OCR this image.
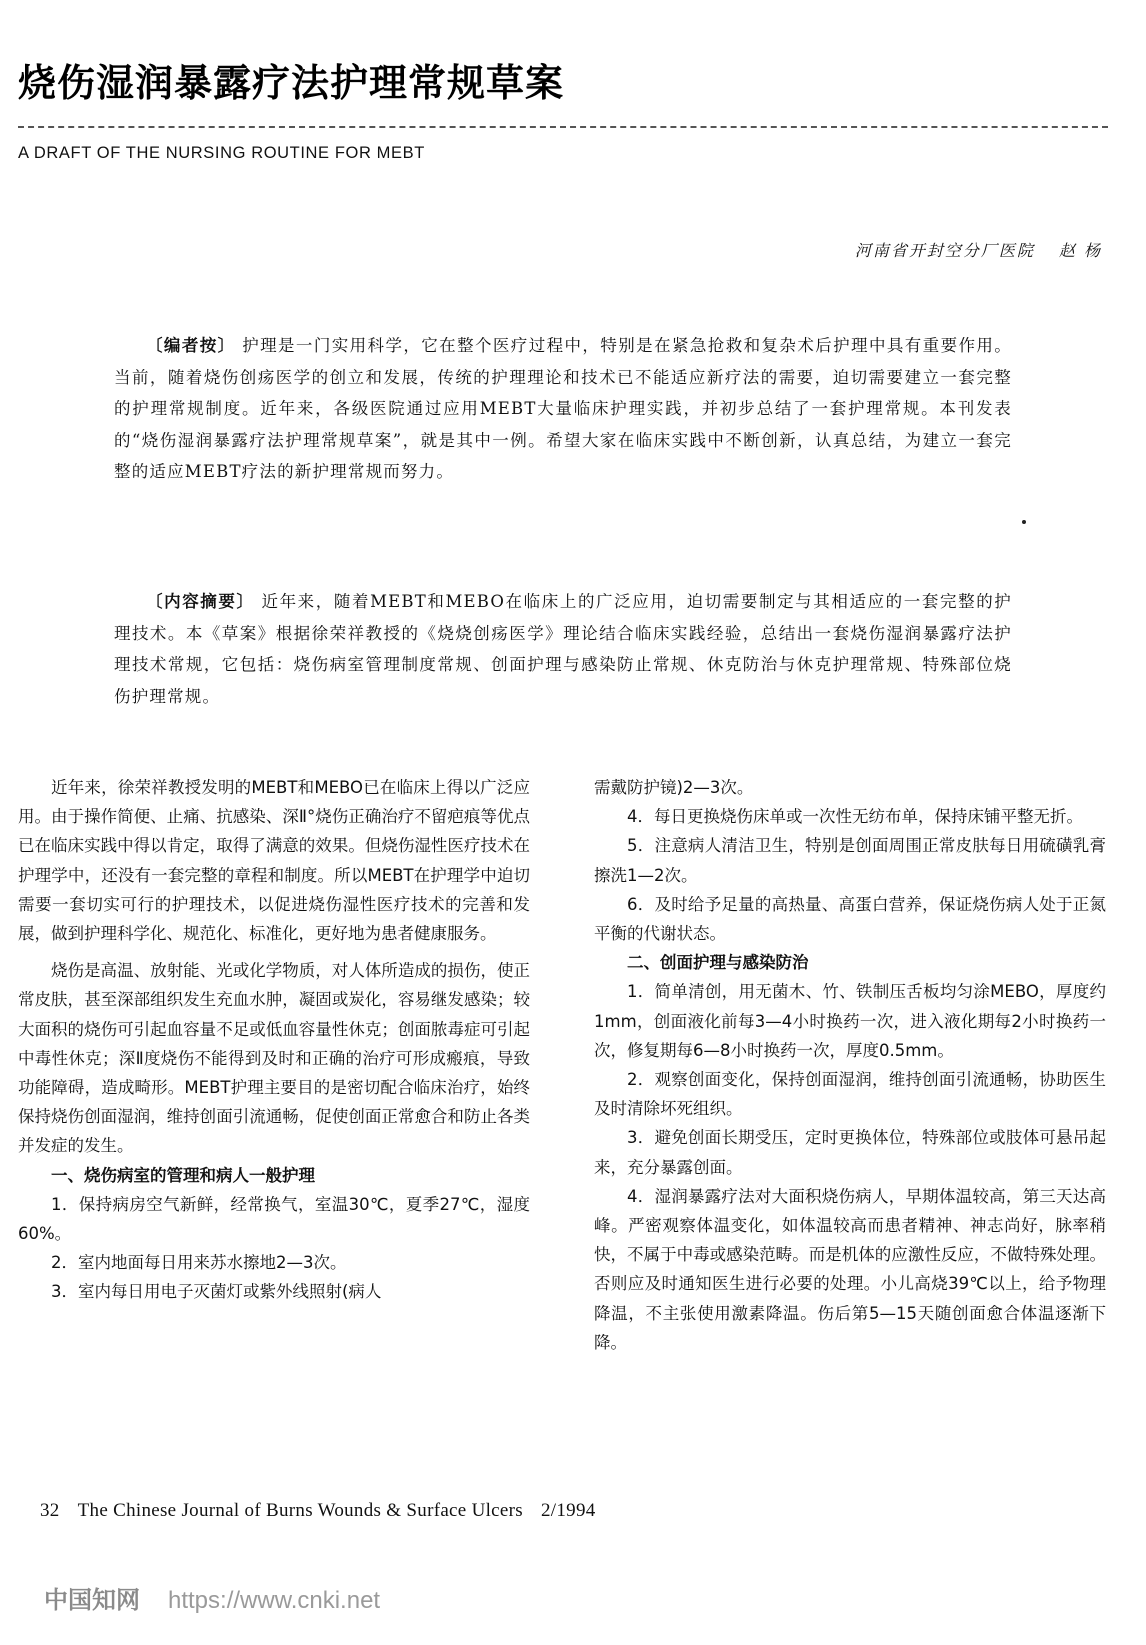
烧伤湿润暴露疗法护理常规草案
A DRAFT OF THE NURSING ROUTINE FOR MEBT
河南省开封空分厂医院 赵 杨
〔编者按〕 护理是一门实用科学，它在整个医疗过程中，特别是在紧急抢救和复杂术后护理中具有重要作用。当前，随着烧伤创疡医学的创立和发展，传统的护理理论和技术已不能适应新疗法的需要，迫切需要建立一套完整的护理常规制度。近年来，各级医院通过应用MEBT大量临床护理实践，并初步总结了一套护理常规。本刊发表的“烧伤湿润暴露疗法护理常规草案”，就是其中一例。希望大家在临床实践中不断创新，认真总结，为建立一套完整的适应MEBT疗法的新护理常规而努力。
〔内容摘要〕 近年来，随着MEBT和MEBO在临床上的广泛应用，迫切需要制定与其相适应的一套完整的护理技术。本《草案》根据徐荣祥教授的《烧烧创疡医学》理论结合临床实践经验，总结出一套烧伤湿润暴露疗法护理技术常规，它包括：烧伤病室管理制度常规、创面护理与感染防止常规、休克防治与休克护理常规、特殊部位烧伤护理常规。

近年来，徐荣祥教授发明的MEBT和MEBO已在临床上得以广泛应用。由于操作简便、止痛、抗感染、深Ⅱ°烧伤正确治疗不留疤痕等优点已在临床实践中得以肯定，取得了满意的效果。但烧伤湿性医疗技术在护理学中，还没有一套完整的章程和制度。所以MEBT在护理学中迫切需要一套切实可行的护理技术，以促进烧伤湿性医疗技术的完善和发展，做到护理科学化、规范化、标准化，更好地为患者健康服务。

烧伤是高温、放射能、光或化学物质，对人体所造成的损伤，使正常皮肤，甚至深部组织发生充血水肿，凝固或炭化，容易继发感染；较大面积的烧伤可引起血容量不足或低血容量性休克；创面脓毒症可引起中毒性休克；深Ⅱ度烧伤不能得到及时和正确的治疗可形成瘢痕，导致功能障碍，造成畸形。MEBT护理主要目的是密切配合临床治疗，始终保持烧伤创面湿润，维持创面引流通畅，促使创面正常愈合和防止各类并发症的发生。

一、烧伤病室的管理和病人一般护理

1．保持病房空气新鲜，经常换气，室温30℃，夏季27℃，湿度60%。

2．室内地面每日用来苏水擦地2—3次。

3．室内每日用电子灭菌灯或紫外线照射(病人

需戴防护镜)2—3次。

4．每日更换烧伤床单或一次性无纺布单，保持床铺平整无折。

5．注意病人清洁卫生，特别是创面周围正常皮肤每日用硫磺乳膏擦洗1—2次。

6．及时给予足量的高热量、高蛋白营养，保证烧伤病人处于正氮平衡的代谢状态。

二、创面护理与感染防治

1．简单清创，用无菌木、竹、铁制压舌板均匀涂MEBO，厚度约1mm，创面液化前每3—4小时换药一次，进入液化期每2小时换药一次，修复期每6—8小时换药一次，厚度0.5mm。

2．观察创面变化，保持创面湿润，维持创面引流通畅，协助医生及时清除坏死组织。

3．避免创面长期受压，定时更换体位，特殊部位或肢体可悬吊起来，充分暴露创面。

4．湿润暴露疗法对大面积烧伤病人，早期体温较高，第三天达高峰。严密观察体温变化，如体温较高而患者精神、神志尚好，脉率稍快，不属于中毒或感染范畴。而是机体的应激性反应，不做特殊处理。否则应及时通知医生进行必要的处理。小儿高烧39℃以上，给予物理降温，不主张使用激素降温。伤后第5—15天随创面愈合体温逐渐下降。

32 The Chinese Journal of Burns Wounds & Surface Ulcers 2/1994
中国知网 https://www.cnki.net
